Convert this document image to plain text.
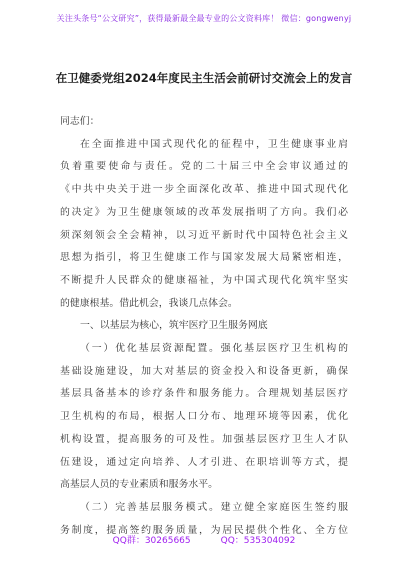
关注头条号“公文研究”，获得最新最全最专业的公文资料库！ 微信：gongwenyj
在卫健委党组2024年度民主生活会前研讨交流会上的发言
同志们：
在全面推进中国式现代化的征程中，卫生健康事业肩
负着重要使命与责任。党的二十届三中全会审议通过的
《中共中央关于进一步全面深化改革、推进中国式现代化
的决定》为卫生健康领域的改革发展指明了方向。我们必
须深刻领会全会精神，以习近平新时代中国特色社会主义
思想为指引，将卫生健康工作与国家发展大局紧密相连，
不断提升人民群众的健康福祉，为中国式现代化筑牢坚实
的健康根基。借此机会，我谈几点体会。
一、以基层为核心，筑牢医疗卫生服务网底
（一）优化基层资源配置。强化基层医疗卫生机构的
基础设施建设，加大对基层的资金投入和设备更新，确保
基层具备基本的诊疗条件和服务能力。合理规划基层医疗
卫生机构的布局，根据人口分布、地理环境等因素，优化
机构设置，提高服务的可及性。加强基层医疗卫生人才队
伍建设，通过定向培养、人才引进、在职培训等方式，提
高基层人员的专业素质和服务水平。
（二）完善基层服务模式。建立健全家庭医生签约服
务制度，提高签约服务质量，为居民提供个性化、全方位
QQ群：30265665	QQ：535304092
